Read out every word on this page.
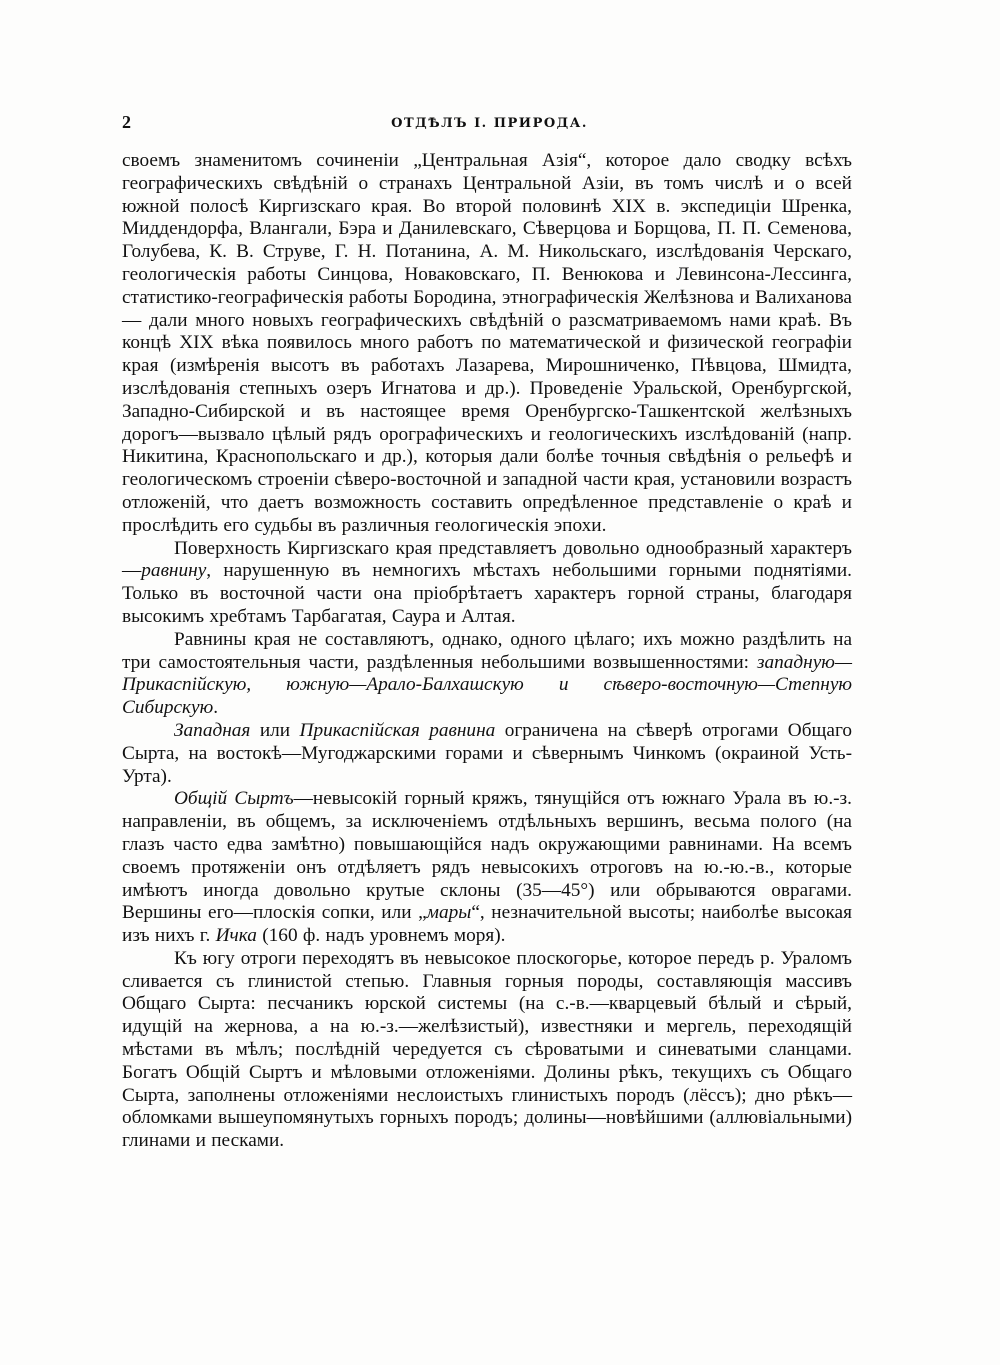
2	ОТДѢЛЪ I. ПРИРОДА.

своемъ знаменитомъ сочиненіи „Центральная Азія“, которое дало сводку всѣхъ географическихъ свѣдѣній о странахъ Центральной Азіи, въ томъ числѣ и о всей южной полосѣ Киргизскаго края. Во второй половинѣ XIX в. экспедиціи Шренка, Миддендорфа, Влангали, Бэра и Данилевскаго, Сѣверцова и Борщова, П. П. Семенова, Голубева, К. В. Струве, Г. Н. Потанина, А. М. Никольскаго, изслѣдованія Черскаго, геологическія работы Синцова, Новаковскаго, П. Венюкова и Левинсона-Лессинга, статистико-географическія работы Бородина, этнографическія Желѣзнова и Валиханова— дали много новыхъ географическихъ свѣдѣній о разсматриваемомъ нами краѣ. Въ концѣ XIX вѣка появилось много работъ по математической и физической географіи края (измѣренія высотъ въ работахъ Лазарева, Мирошниченко, Пѣвцова, Шмидта, изслѣдованія степныхъ озеръ Игнатова и др.). Проведеніе Уральской, Оренбургской, Западно-Сибирской и въ настоящее время Оренбургско-Ташкентской желѣзныхъ дорогъ—вызвало цѣлый рядъ орографическихъ и геологическихъ изслѣдованій (напр. Никитина, Краснопольскаго и др.), которыя дали болѣе точныя свѣдѣнія о рельефѣ и геологическомъ строеніи сѣверо-восточной и западной части края, установили возрастъ отложеній, что даетъ возможность составить опредѣленное представленіе о краѣ и прослѣдить его судьбы въ различныя геологическія эпохи.

Поверхность Киргизскаго края представляетъ довольно однообразный характеръ—равнину, нарушенную въ немногихъ мѣстахъ небольшими горными поднятіями. Только въ восточной части она пріобрѣтаетъ характеръ горной страны, благодаря высокимъ хребтамъ Тарбагатая, Саура и Алтая.

Равнины края не составляютъ, однако, одного цѣлаго; ихъ можно раздѣлить на три самостоятельныя части, раздѣленныя небольшими возвышенностями: западную—Прикаспійскую, южную—Арало-Балхашскую и сѣверо-восточную—Степную Сибирскую.

Западная или Прикаспійская равнина ограничена на сѣверѣ отрогами Общаго Сырта, на востокѣ—Мугоджарскими горами и сѣвернымъ Чинкомъ (окраиной Усть-Урта).

Общій Сыртъ—невысокій горный кряжъ, тянущійся отъ южнаго Урала въ ю.-з. направленіи, въ общемъ, за исключеніемъ отдѣльныхъ вершинъ, весьма пологo (на глазъ часто едва замѣтно) повышающійся надъ окружающими равнинами. На всемъ своемъ протяженіи онъ отдѣляетъ рядъ невысокихъ отроговъ на ю.-ю.-в., которые имѣютъ иногда довольно крутые склоны (35—45°) или обрываются оврагами. Вершины его—плоскія сопки, или „мары“, незначительной высоты; наиболѣе высокая изъ нихъ г. Ичка (160 ф. надъ уровнемъ моря).

Къ югу отроги переходятъ въ невысокое плоскогорье, которое передъ р. Ураломъ сливается съ глинистой степью. Главныя горныя породы, составляющія массивъ Общаго Сырта: песчаникъ юрской системы (на с.-в.—кварцевый бѣлый и сѣрый, идущій на жернова, а на ю.-з.—желѣзистый), известняки и мергель, переходящій мѣстами въ мѣлъ; послѣдній чередуется съ сѣроватыми и синеватыми сланцами. Богатъ Общій Сыртъ и мѣловыми отложеніями. Долины рѣкъ, текущихъ съ Общаго Сырта, заполнены отложеніями неслоистыхъ глинистыхъ породъ (лёссъ); дно рѣкъ—обломками вышеупомянутыхъ горныхъ породъ; долины—новѣйшими (аллювіальными) глинами и песками.
